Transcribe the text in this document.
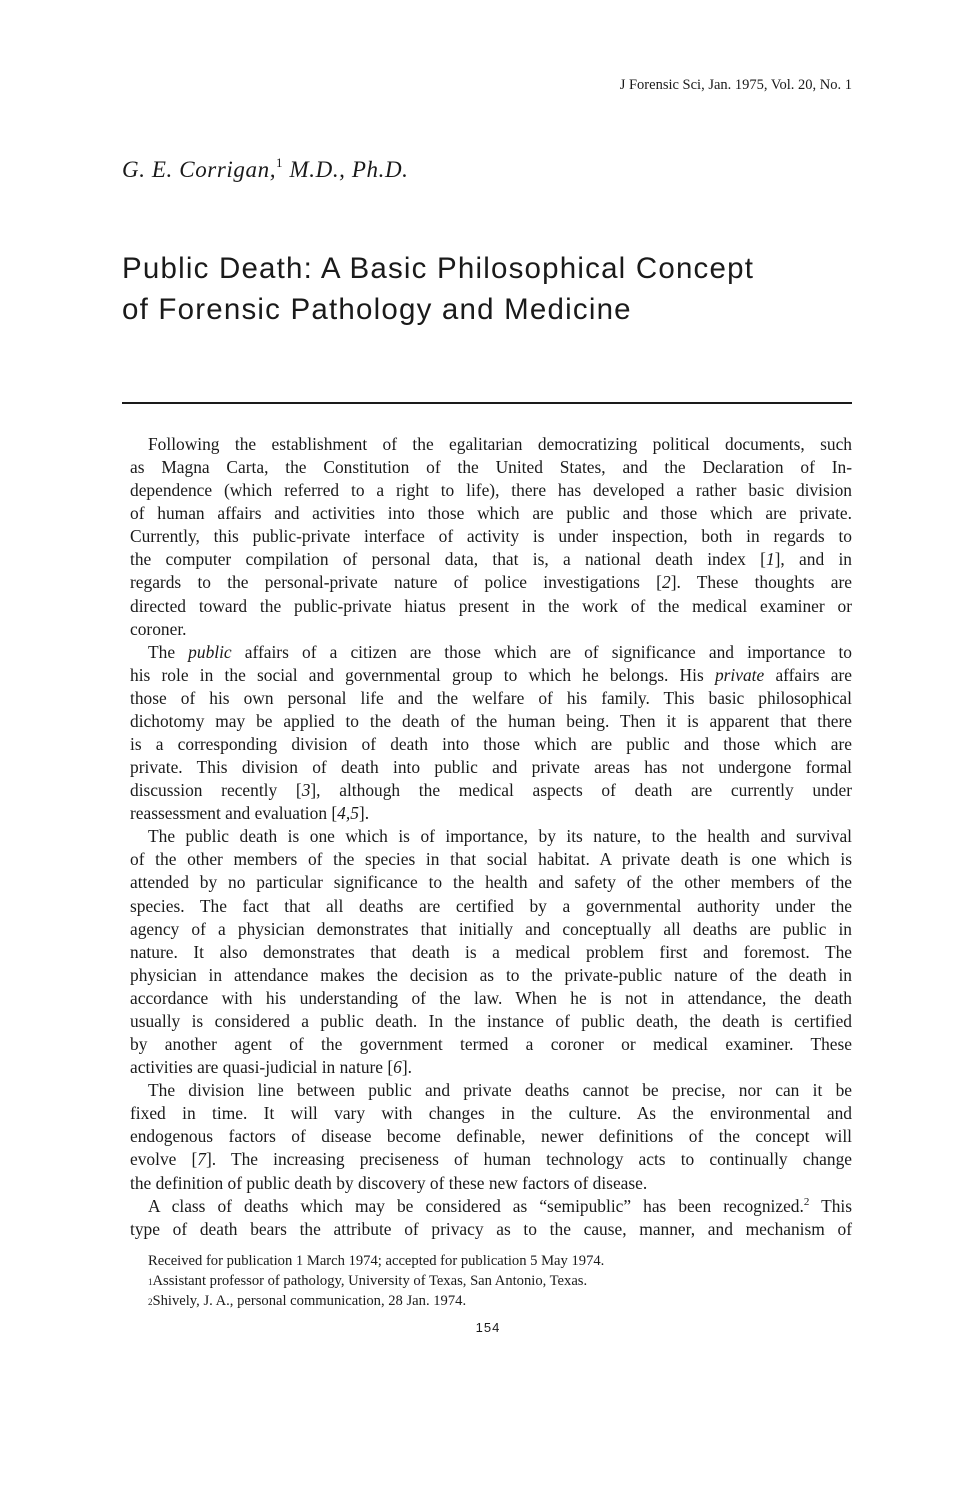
J Forensic Sci, Jan. 1975, Vol. 20, No. 1
G. E. Corrigan,$^1$ M.D., Ph.D.
Public Death: A Basic Philosophical Concept
of Forensic Pathology and Medicine
Following the establishment of the egalitarian democratizing political documents, such
as Magna Carta, the Constitution of the United States, and the Declaration of In-
dependence (which referred to a right to life), there has developed a rather basic division
of human affairs and activities into those which are public and those which are private.
Currently, this public-private interface of activity is under inspection, both in regards to
the computer compilation of personal data, that is, a national death index [1], and in
regards to the personal-private nature of police investigations [2]. These thoughts are
directed toward the public-private hiatus present in the work of the medical examiner or
coroner.
The public affairs of a citizen are those which are of significance and importance to
his role in the social and governmental group to which he belongs. His private affairs are
those of his own personal life and the welfare of his family. This basic philosophical
dichotomy may be applied to the death of the human being. Then it is apparent that there
is a corresponding division of death into those which are public and those which are
private. This division of death into public and private areas has not undergone formal
discussion recently [3], although the medical aspects of death are currently under
reassessment and evaluation [4,5].
The public death is one which is of importance, by its nature, to the health and survival
of the other members of the species in that social habitat. A private death is one which is
attended by no particular significance to the health and safety of the other members of the
species. The fact that all deaths are certified by a governmental authority under the
agency of a physician demonstrates that initially and conceptually all deaths are public in
nature. It also demonstrates that death is a medical problem first and foremost. The
physician in attendance makes the decision as to the private-public nature of the death in
accordance with his understanding of the law. When he is not in attendance, the death
usually is considered a public death. In the instance of public death, the death is certified
by another agent of the government termed a coroner or medical examiner. These
activities are quasi-judicial in nature [6].
The division line between public and private deaths cannot be precise, nor can it be
fixed in time. It will vary with changes in the culture. As the environmental and
endogenous factors of disease become definable, newer definitions of the concept will
evolve [7]. The increasing preciseness of human technology acts to continually change
the definition of public death by discovery of these new factors of disease.
A class of deaths which may be considered as “semipublic” has been recognized.$^2$ This
type of death bears the attribute of privacy as to the cause, manner, and mechanism of
Received for publication 1 March 1974; accepted for publication 5 May 1974.
$^1$Assistant professor of pathology, University of Texas, San Antonio, Texas.
$^2$Shively, J. A., personal communication, 28 Jan. 1974.
154
